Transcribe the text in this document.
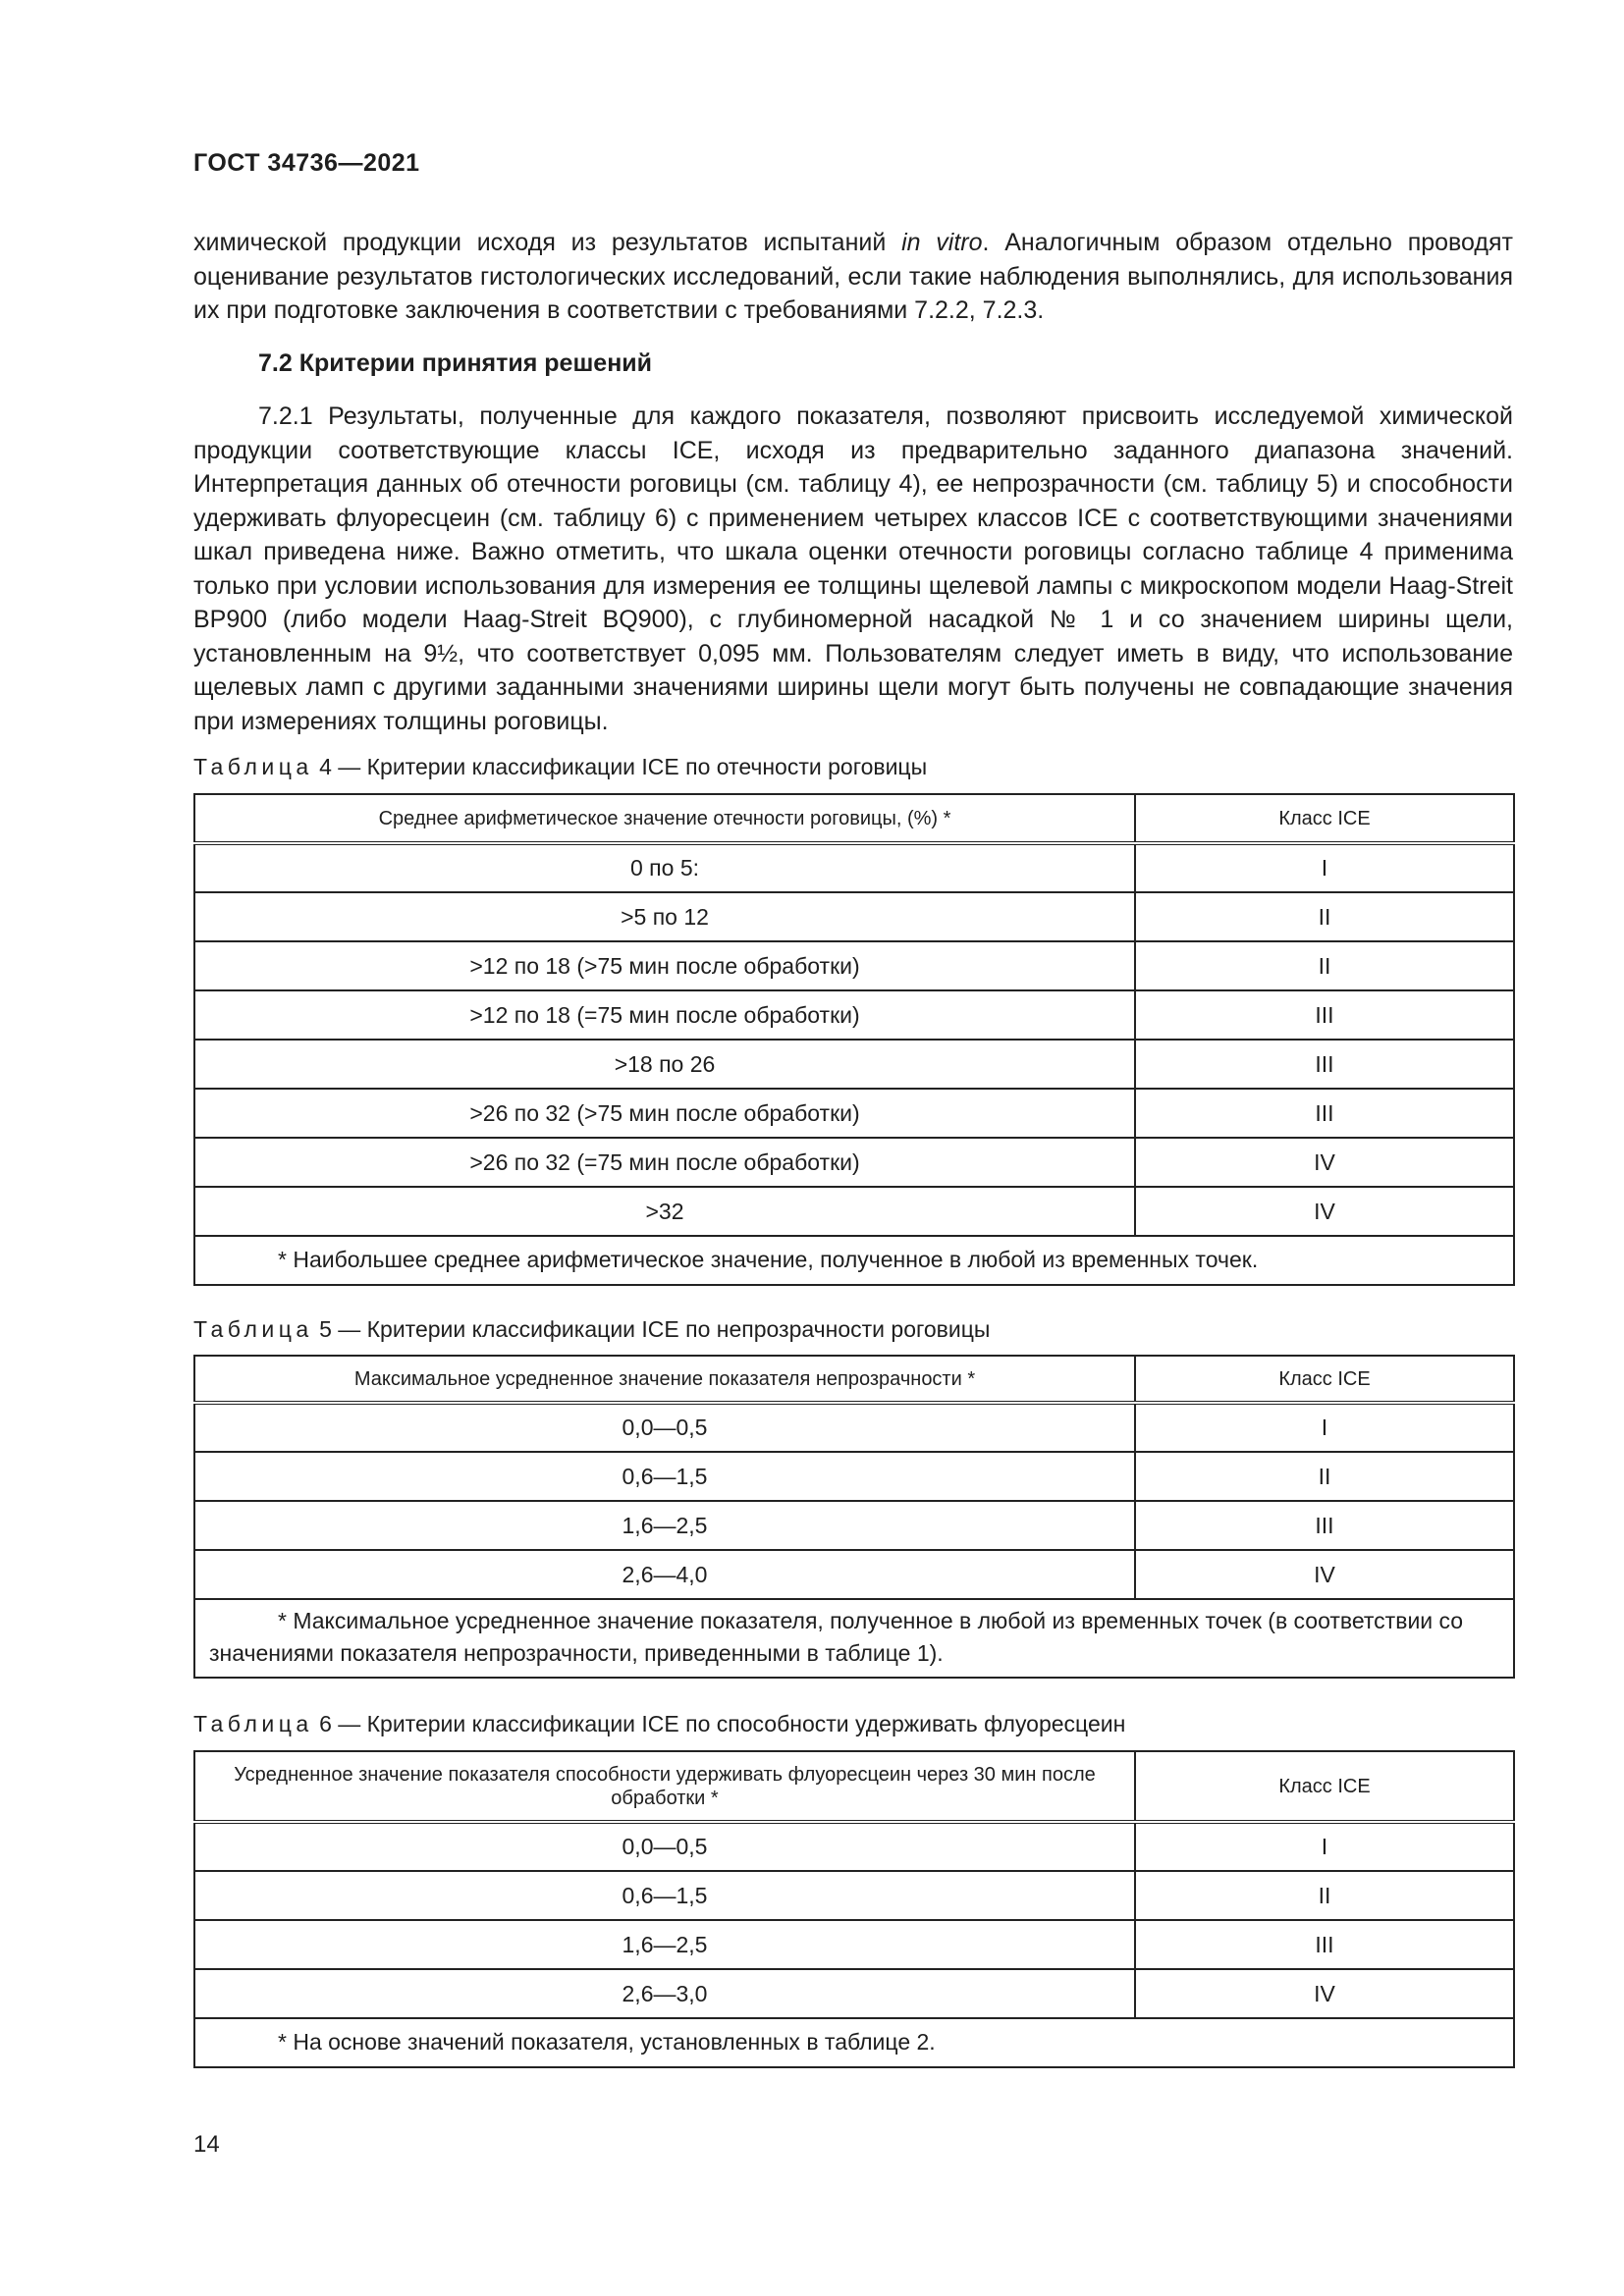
ГОСТ 34736—2021

химической продукции исходя из результатов испытаний in vitro. Аналогичным образом отдельно проводят оценивание результатов гистологических исследований, если такие наблюдения выполнялись, для использования их при подготовке заключения в соответствии с требованиями 7.2.2, 7.2.3.

7.2 Критерии принятия решений

7.2.1 Результаты, полученные для каждого показателя, позволяют присвоить исследуемой химической продукции соответствующие классы ICE, исходя из предварительно заданного диапазона значений. Интерпретация данных об отечности роговицы (см. таблицу 4), ее непрозрачности (см. таблицу 5) и способности удерживать флуоресцеин (см. таблицу 6) с применением четырех классов ICE с соответствующими значениями шкал приведена ниже. Важно отметить, что шкала оценки отечности роговицы согласно таблице 4 применима только при условии использования для измерения ее толщины щелевой лампы с микроскопом модели Haag-Streit BP900 (либо модели Haag-Streit BQ900), с глубиномерной насадкой № 1 и со значением ширины щели, установленным на 9½, что соответствует 0,095 мм. Пользователям следует иметь в виду, что использование щелевых ламп с другими заданными значениями ширины щели могут быть получены не совпадающие значения при измерениях толщины роговицы.

Таблица 4 — Критерии классификации ICE по отечности роговицы
Среднее арифметическое значение отечности роговицы, (%) *	Класс ICE
0 по 5:	I
>5 по 12	II
>12 по 18 (>75 мин после обработки)	II
>12 по 18 (=75 мин после обработки)	III
>18 по 26	III
>26 по 32 (>75 мин после обработки)	III
>26 по 32 (=75 мин после обработки)	IV
>32	IV
* Наибольшее среднее арифметическое значение, полученное в любой из временных точек.	
Таблица 5 — Критерии классификации ICE по непрозрачности роговицы
Максимальное усредненное значение показателя непрозрачности *	Класс ICE
0,0—0,5	I
0,6—1,5	II
1,6—2,5	III
2,6—4,0	IV
* Максимальное усредненное значение показателя, полученное в любой из временных точек (в соответствии со значениями показателя непрозрачности, приведенными в таблице 1).	
Таблица 6 — Критерии классификации ICE по способности удерживать флуоресцеин
Усредненное значение показателя способности удерживать флуоресцеин через 30 мин после обработки *	Класс ICE
0,0—0,5	I
0,6—1,5	II
1,6—2,5	III
2,6—3,0	IV
* На основе значений показателя, установленных в таблице 2.	
14
